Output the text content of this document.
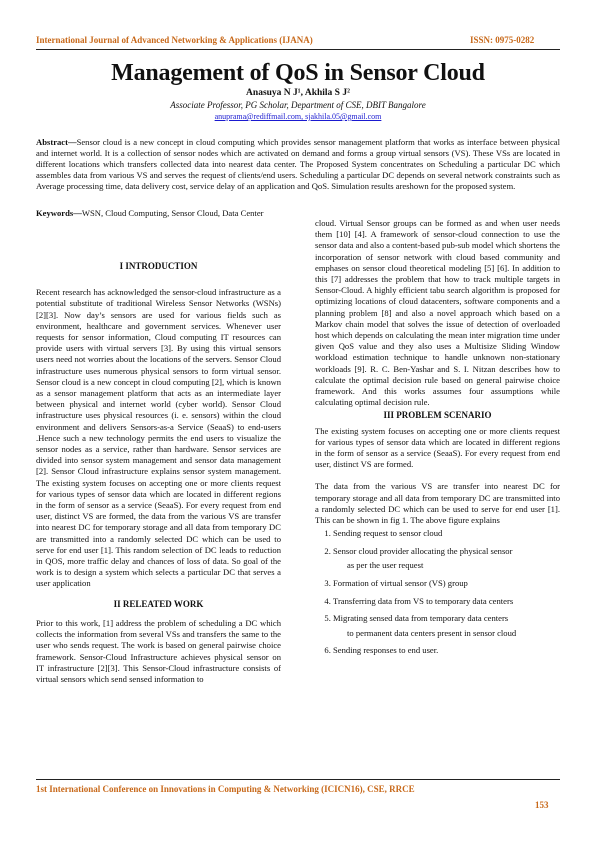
International Journal of Advanced Networking & Applications (IJANA)	ISSN: 0975-0282
Management of QoS in Sensor Cloud
Anasuya N J¹, Akhila S J²
Associate Professor, PG Scholar, Department of CSE, DBIT Bangalore
anuprama@rediffmail.com, sjakhila.05@gmail.com
Abstract—Sensor cloud is a new concept in cloud computing which provides sensor management platform that works as interface between physical and internet world. It is a collection of sensor nodes which are activated on demand and forms a group virtual sensors (VS). These VSs are located in different locations which transfers collected data into nearest data center. The Proposed System concentrates on Scheduling a particular DC which assembles data from various VS and serves the request of clients/end users. Scheduling a particular DC depends on several network constraints such as Average processing time, data delivery cost, service delay of an application and QoS. Simulation results areshown for the proposed system.
Keywords—WSN, Cloud Computing, Sensor Cloud, Data Center
I INTRODUCTION

Recent research has acknowledged the sensor-cloud infrastructure as a potential substitute of traditional Wireless Sensor Networks (WSNs) [2][3]. Now day’s sensors are used for various fields such as environment, healthcare and government services. Whenever user requests for sensor information, Cloud computing IT resources can provide users with virtual servers [3]. By using this virtual sensors users need not worries about the locations of the servers. Sensor Cloud infrastructure uses numerous physical sensors to form virtual sensor. Sensor cloud is a new concept in cloud computing [2], which is known as a sensor management platform that acts as an intermediate layer between physical and internet world (cyber world). Sensor Cloud infrastructure uses physical resources (i. e. sensors) within the cloud environment and delivers Sensors-as-a Service (SeaaS) to end-users .Hence such a new technology permits the end users to visualize the sensor nodes as a service, rather than hardware. Sensor services are divided into sensor system management and sensor data management [2]. Sensor Cloud infrastructure explains sensor system management. The existing system focuses on accepting one or more clients request for various types of sensor data which are located in different regions in the form of sensor as a service (SeaaS). For every request from end user, distinct VS are formed, the data from the various VS are transfer into nearest DC for temporary storage and all data from temporary DC are transmitted into a randomly selected DC which can be used to serve for end user [1]. This random selection of DC leads to reduction in QOS, more traffic delay and chances of loss of data. So goal of the work is to design a system which selects a particular DC that serves a user application

II RELEATED WORK

Prior to this work, [1] address the problem of scheduling a DC which collects the information from several VSs and transfers the same to the user who sends request. The work is based on general pairwise choice framework. Sensor-Cloud Infrastructure achieves physical sensor on IT infrastructure [2][3]. This Sensor-Cloud infrastructure consists of virtual sensors which send sensed information to

cloud. Virtual Sensor groups can be formed as and when user needs them [10] [4]. A framework of sensor-cloud connection to use the sensor data and also a content-based pub-sub model which shortens the incorporation of sensor network with cloud based community and emphases on sensor cloud theoretical modeling [5] [6]. In addition to this [7] addresses the problem that how to track multiple targets in Sensor-Cloud. A highly efficient tabu search algorithm is proposed for optimizing locations of cloud datacenters, software components and a planning problem [8] and also a novel approach which based on a Markov chain model that solves the issue of detection of overloaded host which depends on calculating the mean inter migration time under given QoS value and they also uses a Multisize Sliding Window workload estimation technique to handle unknown non-stationary workloads [9]. R. C. Ben-Yashar and S. I. Nitzan describes how to calculate the optimal decision rule based on general pairwise choice framework. And this works assumes four assumptions while calculating optimal decision rule.

III PROBLEM SCENARIO

The existing system focuses on accepting one or more clients request for various types of sensor data which are located in different regions in the form of sensor as a service (SeaaS). For every request from end user, distinct VS are formed.

The data from the various VS are transfer into nearest DC for temporary storage and all data from temporary DC are transmitted into a randomly selected DC which can be used to serve for end user [1]. This can be shown in fig 1. The above figure explains

1. Sending request to sensor cloud
2. Sensor cloud provider allocating the physical sensor
as per the user request
3. Formation of virtual sensor (VS) group
4. Transferring data from VS to temporary data centers
5. Migrating sensed data from temporary data centers
to permanent data centers present in sensor cloud
6. Sending responses to end user.
1st International Conference on Innovations in Computing & Networking (ICICN16), CSE, RRCE
153
